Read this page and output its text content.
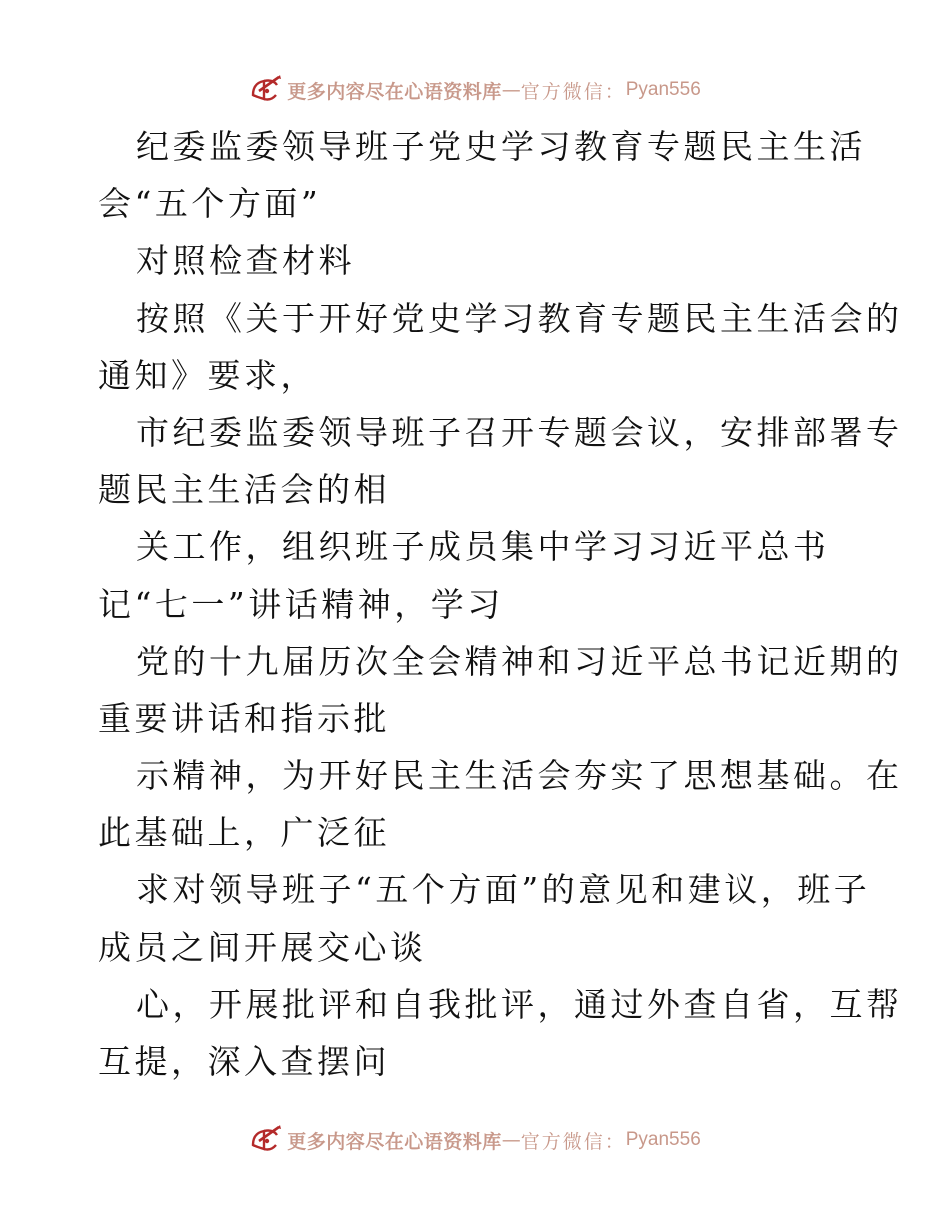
更多内容尽在心语资料库 — 官方微信： Pyan556
纪委监委领导班子党史学习教育专题民主生活
会“五个方面”
对照检查材料
按照《关于开好党史学习教育专题民主生活会的
通知》要求，
市纪委监委领导班子召开专题会议，安排部署专
题民主生活会的相
关工作，组织班子成员集中学习习近平总书
记“七一”讲话精神，学习
党的十九届历次全会精神和习近平总书记近期的
重要讲话和指示批
示精神，为开好民主生活会夯实了思想基础。在
此基础上，广泛征
求对领导班子“五个方面”的意见和建议，班子
成员之间开展交心谈
心，开展批评和自我批评，通过外查自省，互帮
互提，深入查摆问
更多内容尽在心语资料库 — 官方微信： Pyan556
